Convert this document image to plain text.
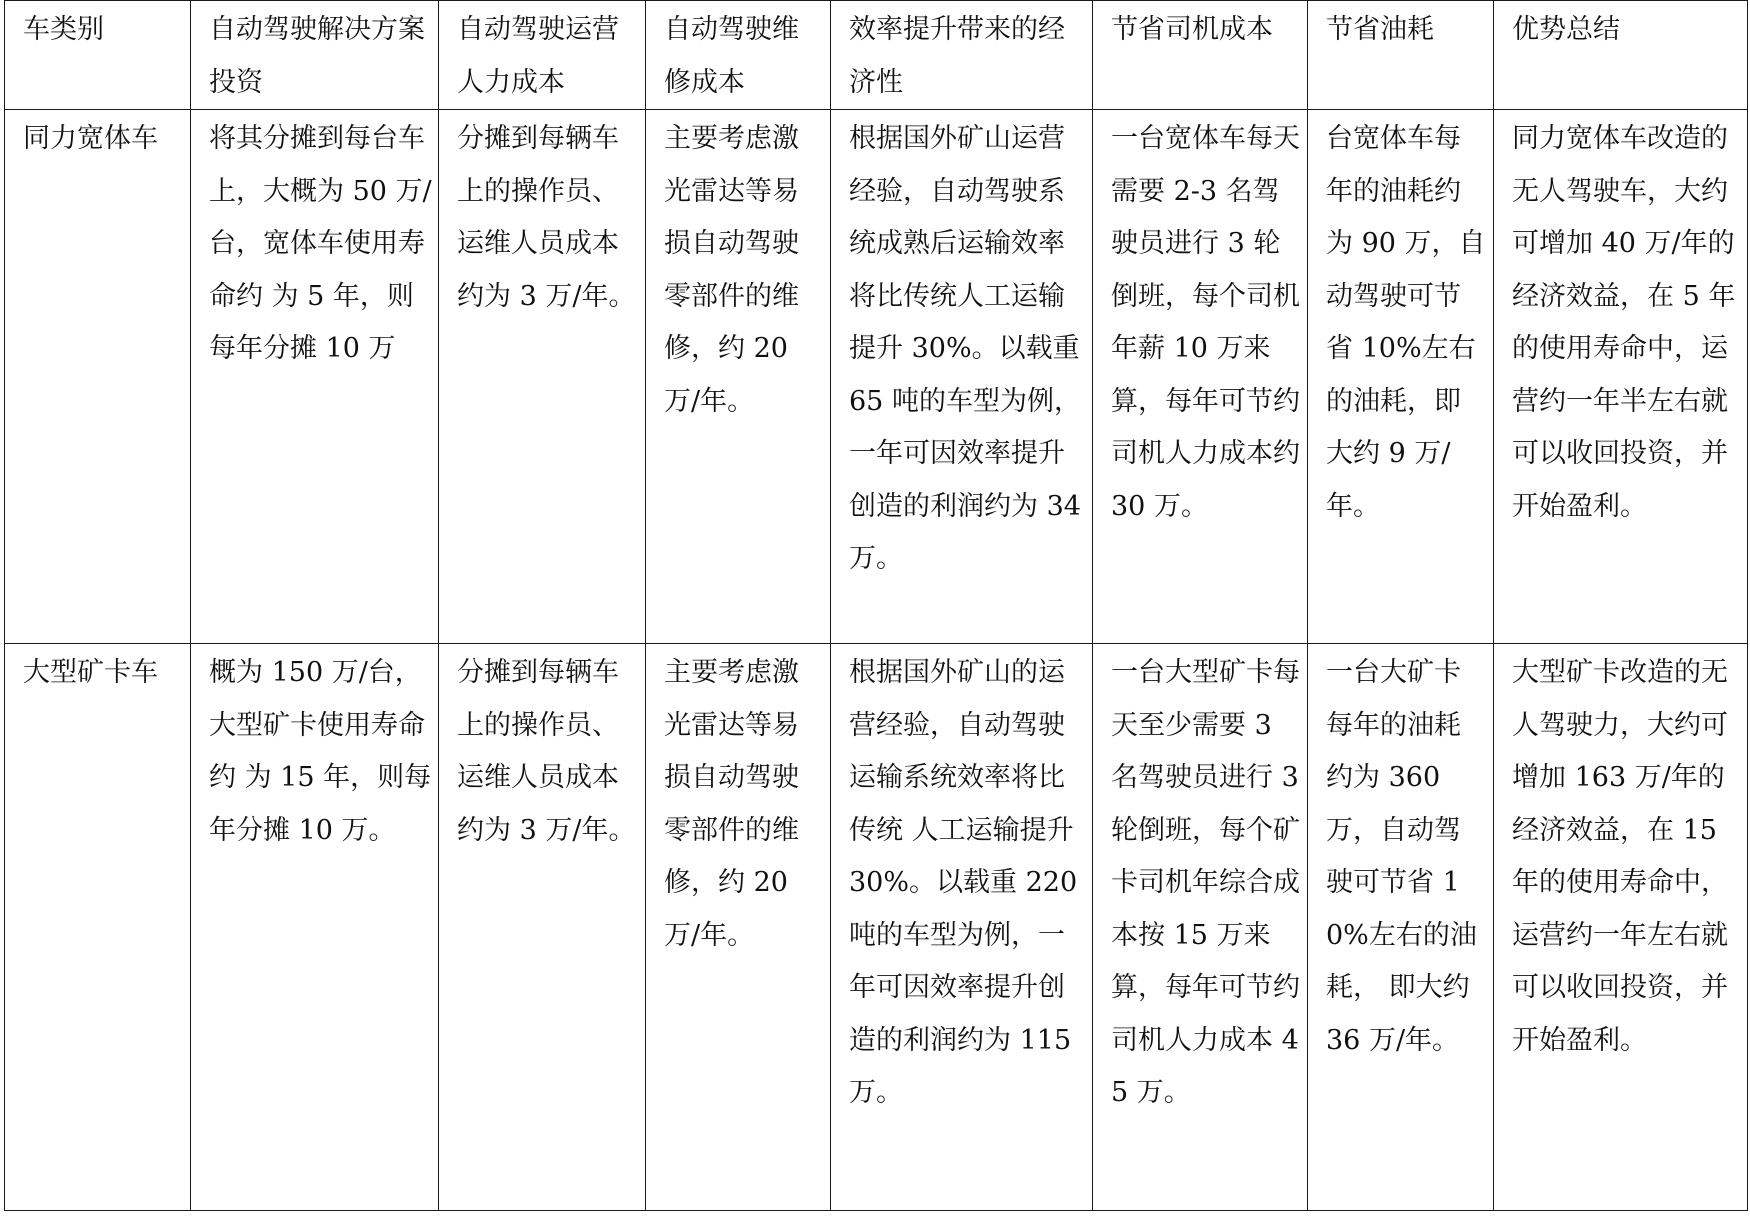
车类别	自动驾驶解决方案投资	自动驾驶运营人力成本	自动驾驶维修成本	效率提升带来的经济性	节省司机成本	节省油耗	优势总结
同力宽体车	将其分摊到每台车上，大概为 50 万/台，宽体车使用寿命约 为 5 年，则每年分摊 10 万	分摊到每辆车上的操作员、运维人员成本约为 3 万/年。	主要考虑激光雷达等易损自动驾驶零部件的维修，约 20 万/年。	根据国外矿山运营经验，自动驾驶系统成熟后运输效率将比传统人工运输提升 30%。以载重 65 吨的车型为例，一年可因效率提升创造的利润约为 34 万。	一台宽体车每天需要 2-3 名驾驶员进行 3 轮倒班，每个司机年薪 10 万来算，每年可节约司机人力成本约 30 万。	台宽体车每年的油耗约为 90 万，自动驾驶可节省 10%左右的油耗，即大约 9 万/年。	同力宽体车改造的无人驾驶车，大约可增加 40 万/年的经济效益，在 5 年的使用寿命中，运营约一年半左右就可以收回投资，并开始盈利。
大型矿卡车	概为 150 万/台，大型矿卡使用寿命约 为 15 年，则每年分摊 10 万。	分摊到每辆车上的操作员、运维人员成本约为 3 万/年。	主要考虑激光雷达等易损自动驾驶零部件的维修，约 20 万/年。	根据国外矿山的运营经验，自动驾驶运输系统效率将比传统 人工运输提升 30%。以载重 220 吨的车型为例，一年可因效率提升创造的利润约为 115 万。	一台大型矿卡每天至少需要 3 名驾驶员进行 3 轮倒班，每个矿卡司机年综合成本按 15 万来算，每年可节约司机人力成本 45 万。	一台大矿卡每年的油耗约为 360 万，自动驾驶可节省 10%左右的油耗， 即大约 36 万/年。	大型矿卡改造的无人驾驶力，大约可增加 163 万/年的经济效益，在 15 年的使用寿命中，运营约一年左右就可以收回投资，并开始盈利。
